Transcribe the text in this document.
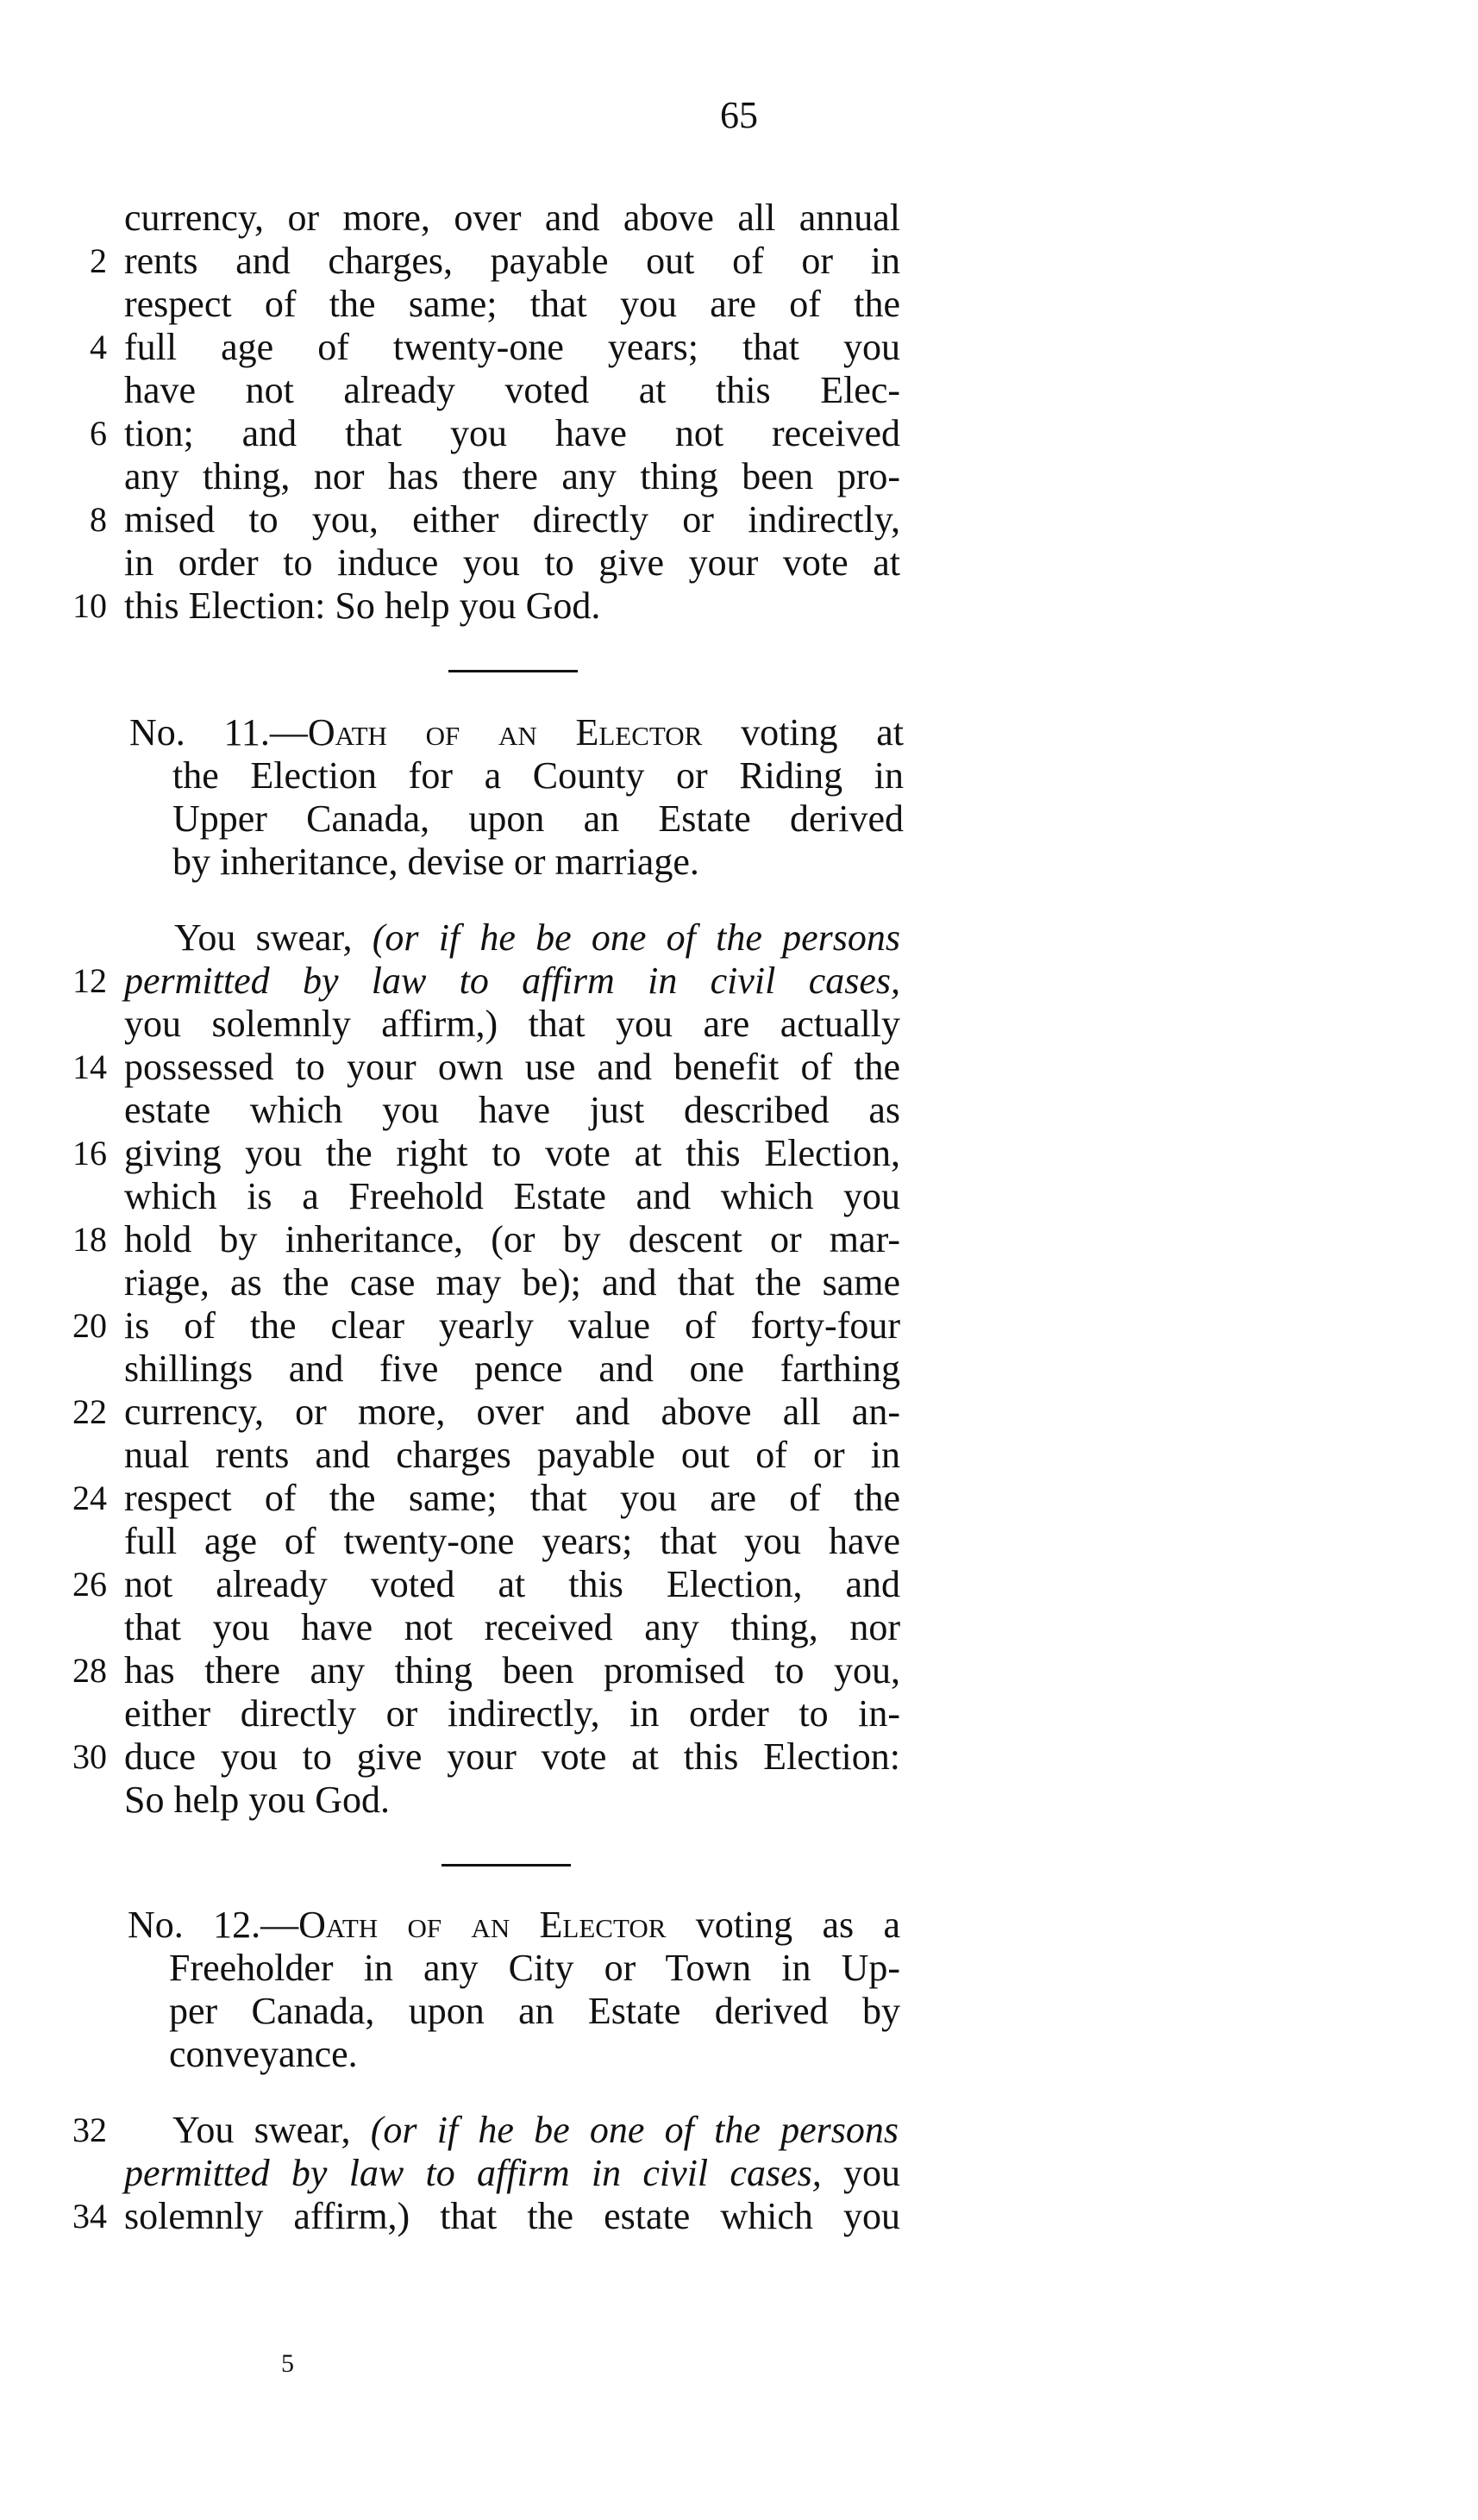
65
currency, or more, over and above all annual
rents and charges, payable out of or in
respect of the same; that you are of the
full age of twenty-one years; that you
have not already voted at this Elec-
tion; and that you have not received
any thing, nor has there any thing been pro-
mised to you, either directly or indirectly,
in order to induce you to give your vote at
this Election: So help you God.
2
4
6
8
10
No. 11.—Oath of an Elector voting at
the Election for a County or Riding in
Upper Canada, upon an Estate derived
by inheritance, devise or marriage.
You swear, (or if he be one of the persons
permitted by law to affirm in civil cases,
you solemnly affirm,) that you are actually
possessed to your own use and benefit of the
estate which you have just described as
giving you the right to vote at this Election,
which is a Freehold Estate and which you
hold by inheritance, (or by descent or mar-
riage, as the case may be); and that the same
is of the clear yearly value of forty-four
shillings and five pence and one farthing
currency, or more, over and above all an-
nual rents and charges payable out of or in
respect of the same; that you are of the
full age of twenty-one years; that you have
not already voted at this Election, and
that you have not received any thing, nor
has there any thing been promised to you,
either directly or indirectly, in order to in-
duce you to give your vote at this Election:
So help you God.
12
14
16
18
20
22
24
26
28
30
No. 12.—Oath of an Elector voting as a
Freeholder in any City or Town in Up-
per Canada, upon an Estate derived by
conveyance.
You swear, (or if he be one of the persons
permitted by law to affirm in civil cases, you
solemnly affirm,) that the estate which you
32
34
5
